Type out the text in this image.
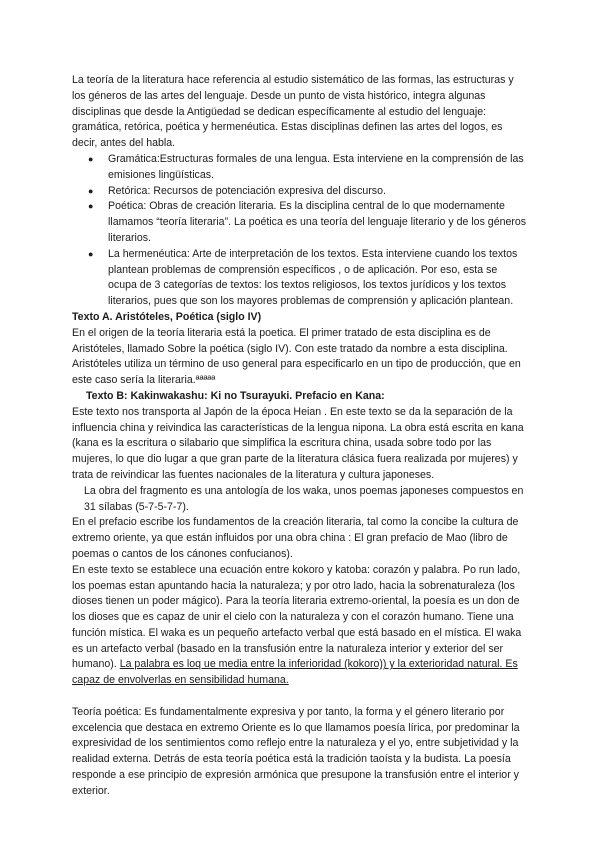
La teoría de la literatura hace referencia al estudio sistemático de las formas, las estructuras y los géneros de las artes del lenguaje. Desde un punto de vista histórico, integra algunas disciplinas que desde la Antigüedad se dedican específicamente al estudio del lenguaje: gramática, retórica, poética y hermenéutica. Estas disciplinas definen las artes del logos, es decir, antes del habla.

● Gramática:Estructuras formales de una lengua. Esta interviene en la comprensión de las emisiones lingüísticas.
● Retórica: Recursos de potenciación expresiva del discurso.
● Poética: Obras de creación literaria. Es la disciplina central de lo que modernamente llamamos “teoría literaria”. La poética es una teoría del lenguaje literario y de los géneros literarios.
● La hermenéutica: Arte de interpretación de los textos. Esta interviene cuando los textos plantean problemas de comprensión específicos , o de aplicación. Por eso, esta se ocupa de 3 categorías de textos: los textos religiosos, los textos jurídicos y los textos literarios, pues que son los mayores problemas de comprensión y aplicación plantean.

Texto A. Aristóteles, Poética (siglo IV)

En el origen de la teoría literaria está la poetica. El primer tratado de esta disciplina es de Aristóteles, llamado Sobre la poética (siglo IV). Con este tratado da nombre a esta disciplina. Aristóteles utiliza un término de uso general para especificarlo en un tipo de producción, que en este caso sería la literaria.ªªªªª

Texto B: Kakinwakashu: Ki no Tsurayuki. Prefacio en Kana:

Este texto nos transporta al Japón de la época Heian . En este texto se da la separación de la influencia china y reivindica las características de la lengua nipona. La obra está escrita en kana (kana es la escritura o silabario que simplifica la escritura china, usada sobre todo por las mujeres, lo que dio lugar a que gran parte de la literatura clásica fuera realizada por mujeres) y trata de reivindicar las fuentes nacionales de la literatura y cultura japoneses.

La obra del fragmento es una antología de los waka, unos poemas japoneses compuestos en 31 sílabas (5-7-5-7-7).

En el prefacio escribe los fundamentos de la creación literaria, tal como la concibe la cultura de extremo oriente, ya que están influidos por una obra china : El gran prefacio de Mao (libro de poemas o cantos de los cánones confucianos).

En este texto se establece una ecuación entre kokoro y katoba: corazón y palabra. Po run lado, los poemas estan apuntando hacia la naturaleza; y por otro lado, hacia la sobrenaturaleza (los dioses tienen un poder mágico). Para la teoría literaria extremo-oriental, la poesía es un don de los dioses que es capaz de unir el cielo con la naturaleza y con el corazón humano. Tiene una función mística. El waka es un pequeño artefacto verbal que está basado en el mística. El waka es un artefacto verbal (basado en la transfusión entre la naturaleza interior y exterior del ser humano). La palabra es loq ue media entre la inferioridad (kokoro)) y la exterioridad natural. Es capaz de envolverlas en sensibilidad humana.

Teoría poética: Es fundamentalmente expresiva y por tanto, la forma y el género literario por excelencia que destaca en extremo Oriente es lo que llamamos poesía lírica, por predominar la expresividad de los sentimientos como reflejo entre la naturaleza y el yo, entre subjetividad y la realidad externa. Detrás de esta teoría poética está la tradición taoísta y la budista. La poesía responde a ese principio de expresión armónica que presupone la transfusión entre el interior y exterior.
